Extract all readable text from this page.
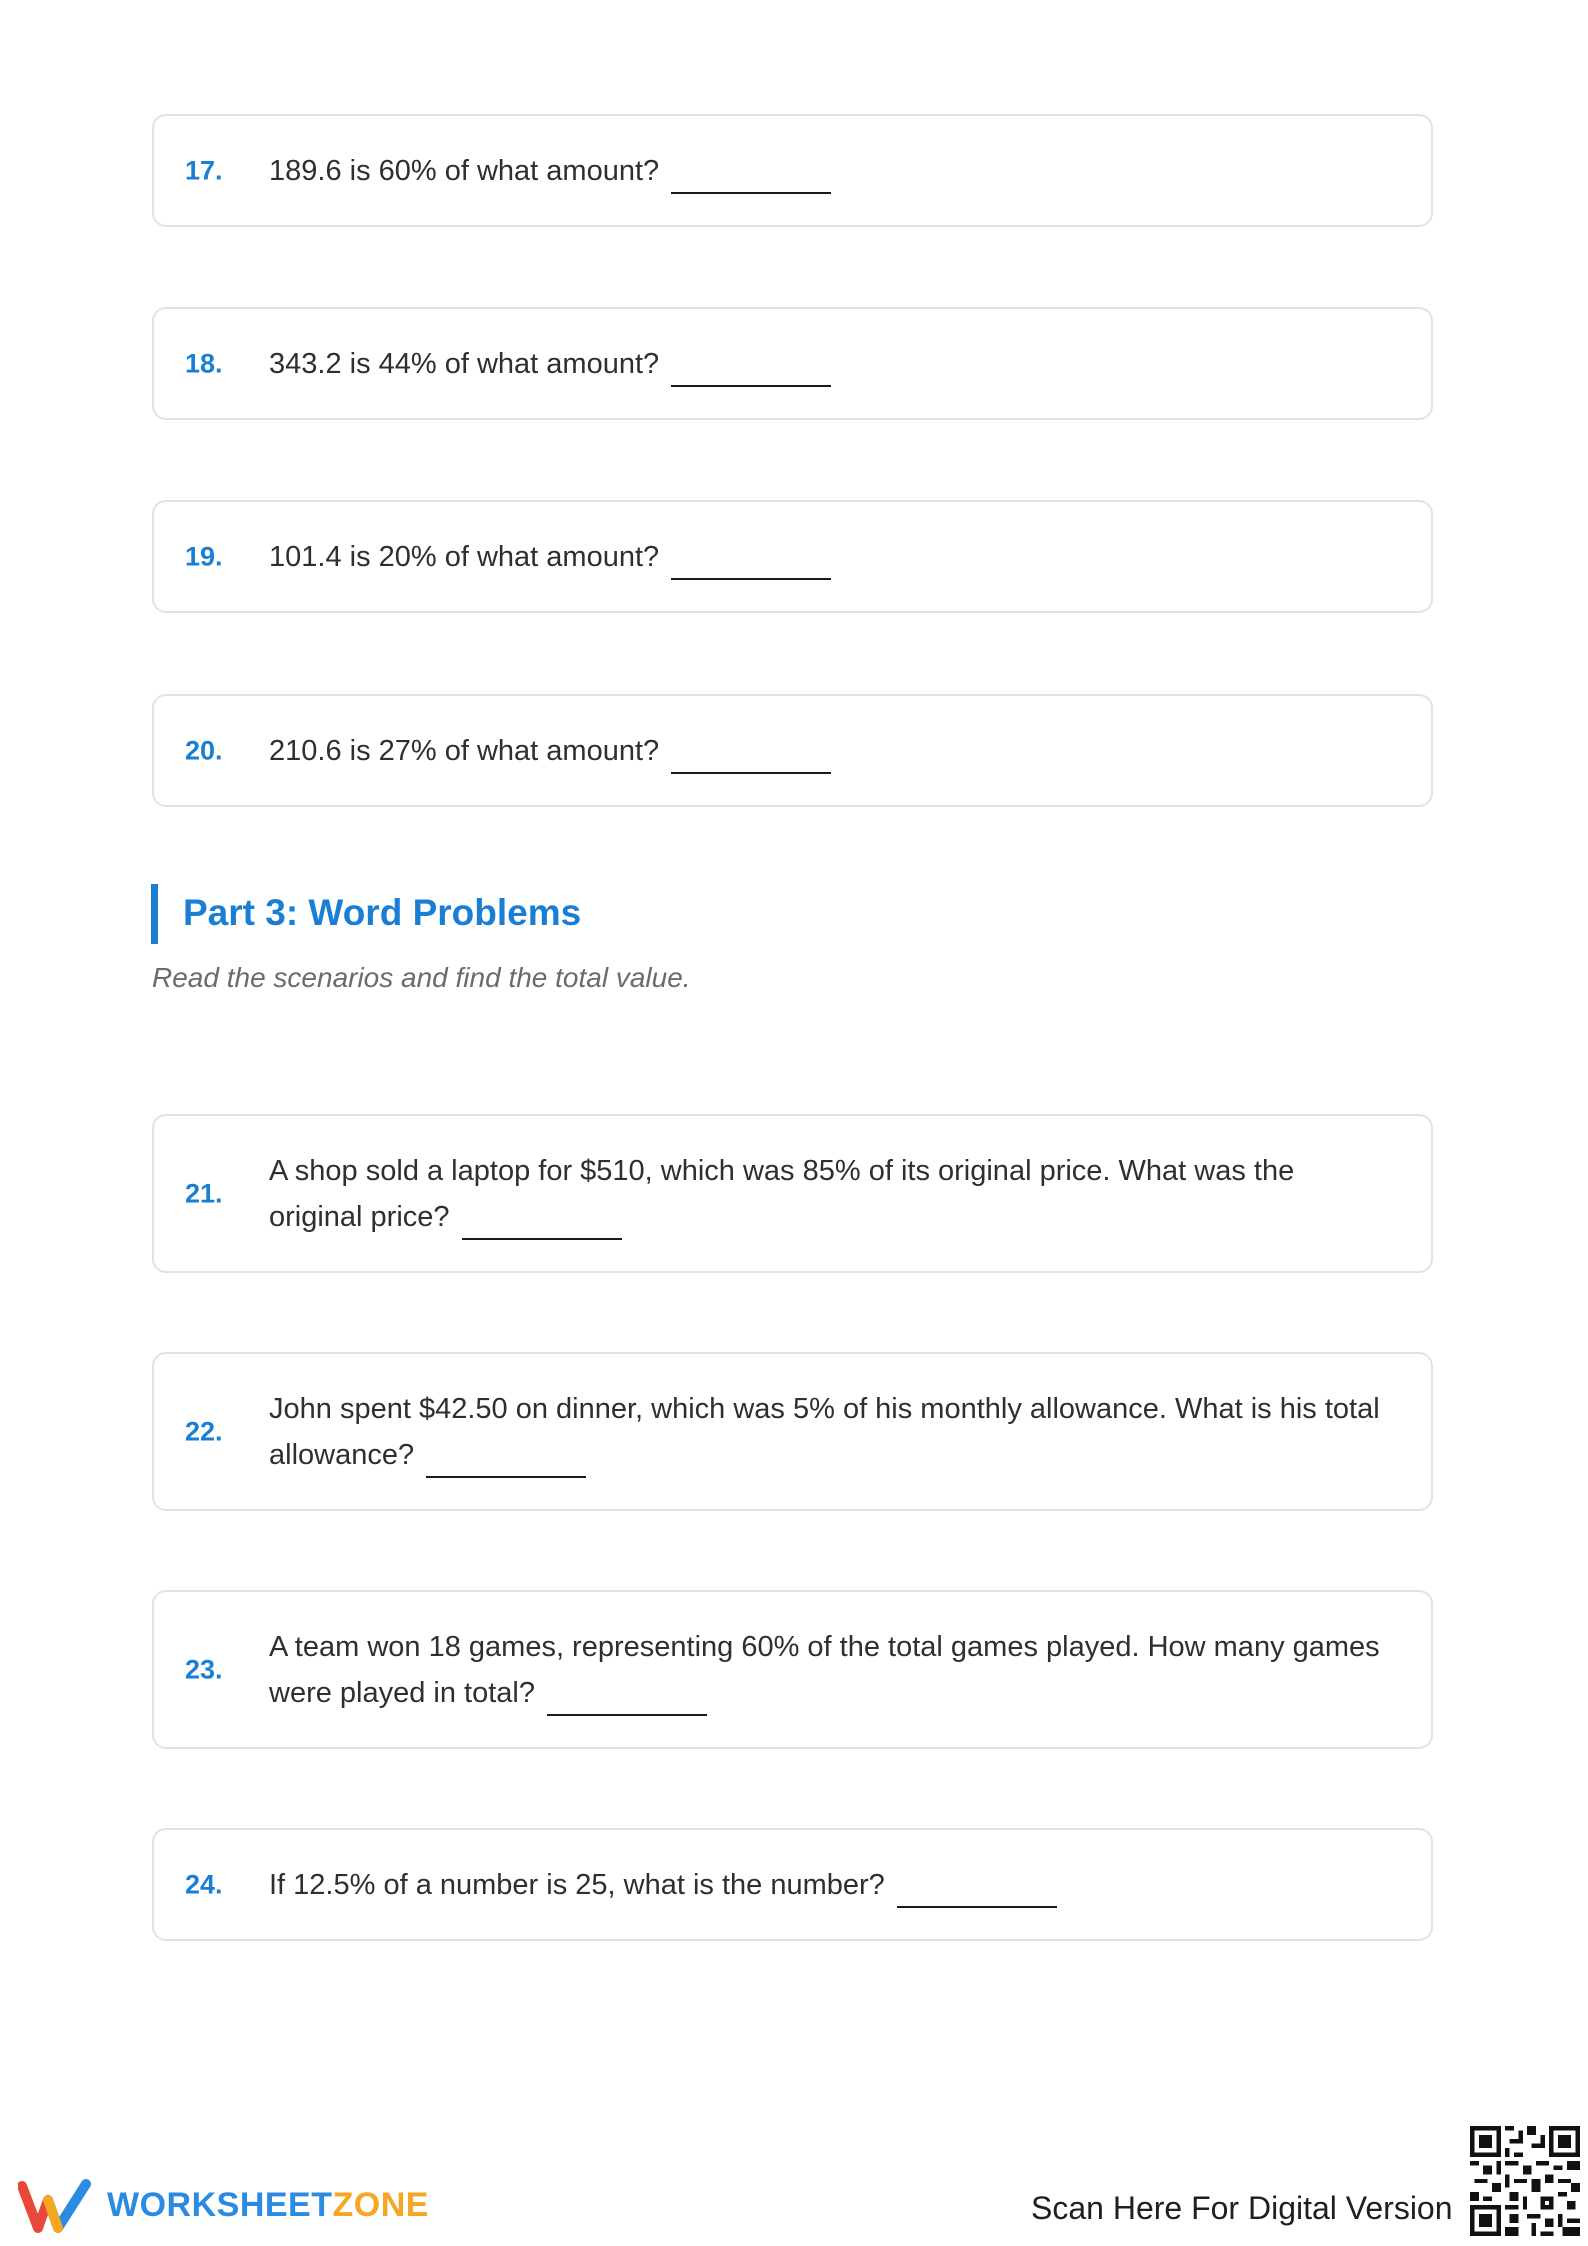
17. 189.6 is 60% of what amount?
18. 343.2 is 44% of what amount?
19. 101.4 is 20% of what amount?
20. 210.6 is 27% of what amount?
Part 3: Word Problems
Read the scenarios and find the total value.
21.
A shop sold a laptop for $510, which was 85% of its original price. What was the original price?
22.
John spent $42.50 on dinner, which was 5% of his monthly allowance. What is his total allowance?
23.
A team won 18 games, representing 60% of the total games played. How many games were played in total?
24. If 12.5% of a number is 25, what is the number?
WORKSHEETZONE	Scan Here For Digital Version
